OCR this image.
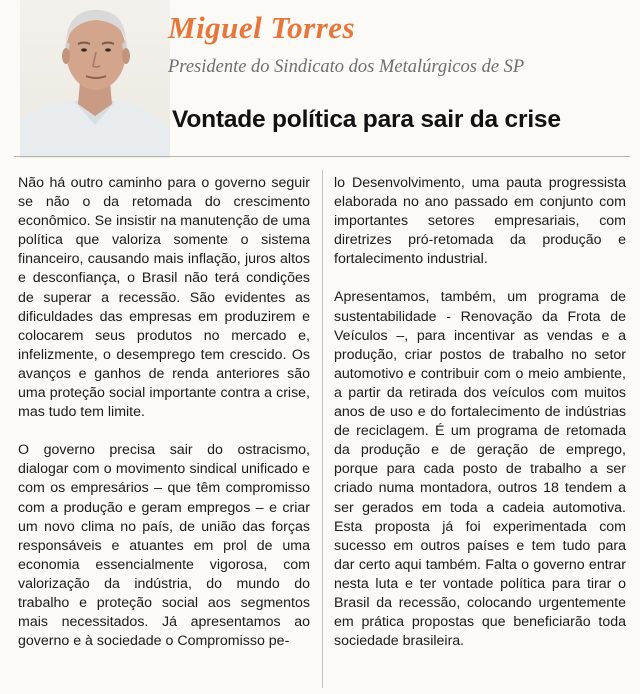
Miguel Torres
Presidente do Sindicato dos Metalúrgicos de SP
Vontade política para sair da crise

Não há outro caminho para o governo seguir se não o da retomada do crescimento econômico. Se insistir na manutenção de uma política que valoriza somente o sistema financeiro, causando mais inflação, juros altos e desconfiança, o Brasil não terá condições de superar a recessão. São evidentes as dificuldades das empresas em produzirem e colocarem seus produtos no mercado e, infelizmente, o desemprego tem crescido. Os avanços e ganhos de renda anteriores são uma proteção social importante contra a crise, mas tudo tem limite.

O governo precisa sair do ostracismo, dialogar com o movimento sindical unificado e com os empresários – que têm compromisso com a produção e geram empregos – e criar um novo clima no país, de união das forças responsáveis e atuantes em prol de uma economia essencialmente vigorosa, com valorização da indústria, do mundo do trabalho e proteção social aos segmentos mais necessitados. Já apresentamos ao governo e à sociedade o Compromisso pe-

lo Desenvolvimento, uma pauta progressista elaborada no ano passado em conjunto com importantes setores empresariais, com diretrizes pró-retomada da produção e fortalecimento industrial.

Apresentamos, também, um programa de sustentabilidade - Renovação da Frota de Veículos –, para incentivar as vendas e a produção, criar postos de trabalho no setor automotivo e contribuir com o meio ambiente, a partir da retirada dos veículos com muitos anos de uso e do fortalecimento de indústrias de reciclagem. É um programa de retomada da produção e de geração de emprego, porque para cada posto de trabalho a ser criado numa montadora, outros 18 tendem a ser gerados em toda a cadeia automotiva. Esta proposta já foi experimentada com sucesso em outros países e tem tudo para dar certo aqui também. Falta o governo entrar nesta luta e ter vontade política para tirar o Brasil da recessão, colocando urgentemente em prática propostas que beneficiarão toda sociedade brasileira.
